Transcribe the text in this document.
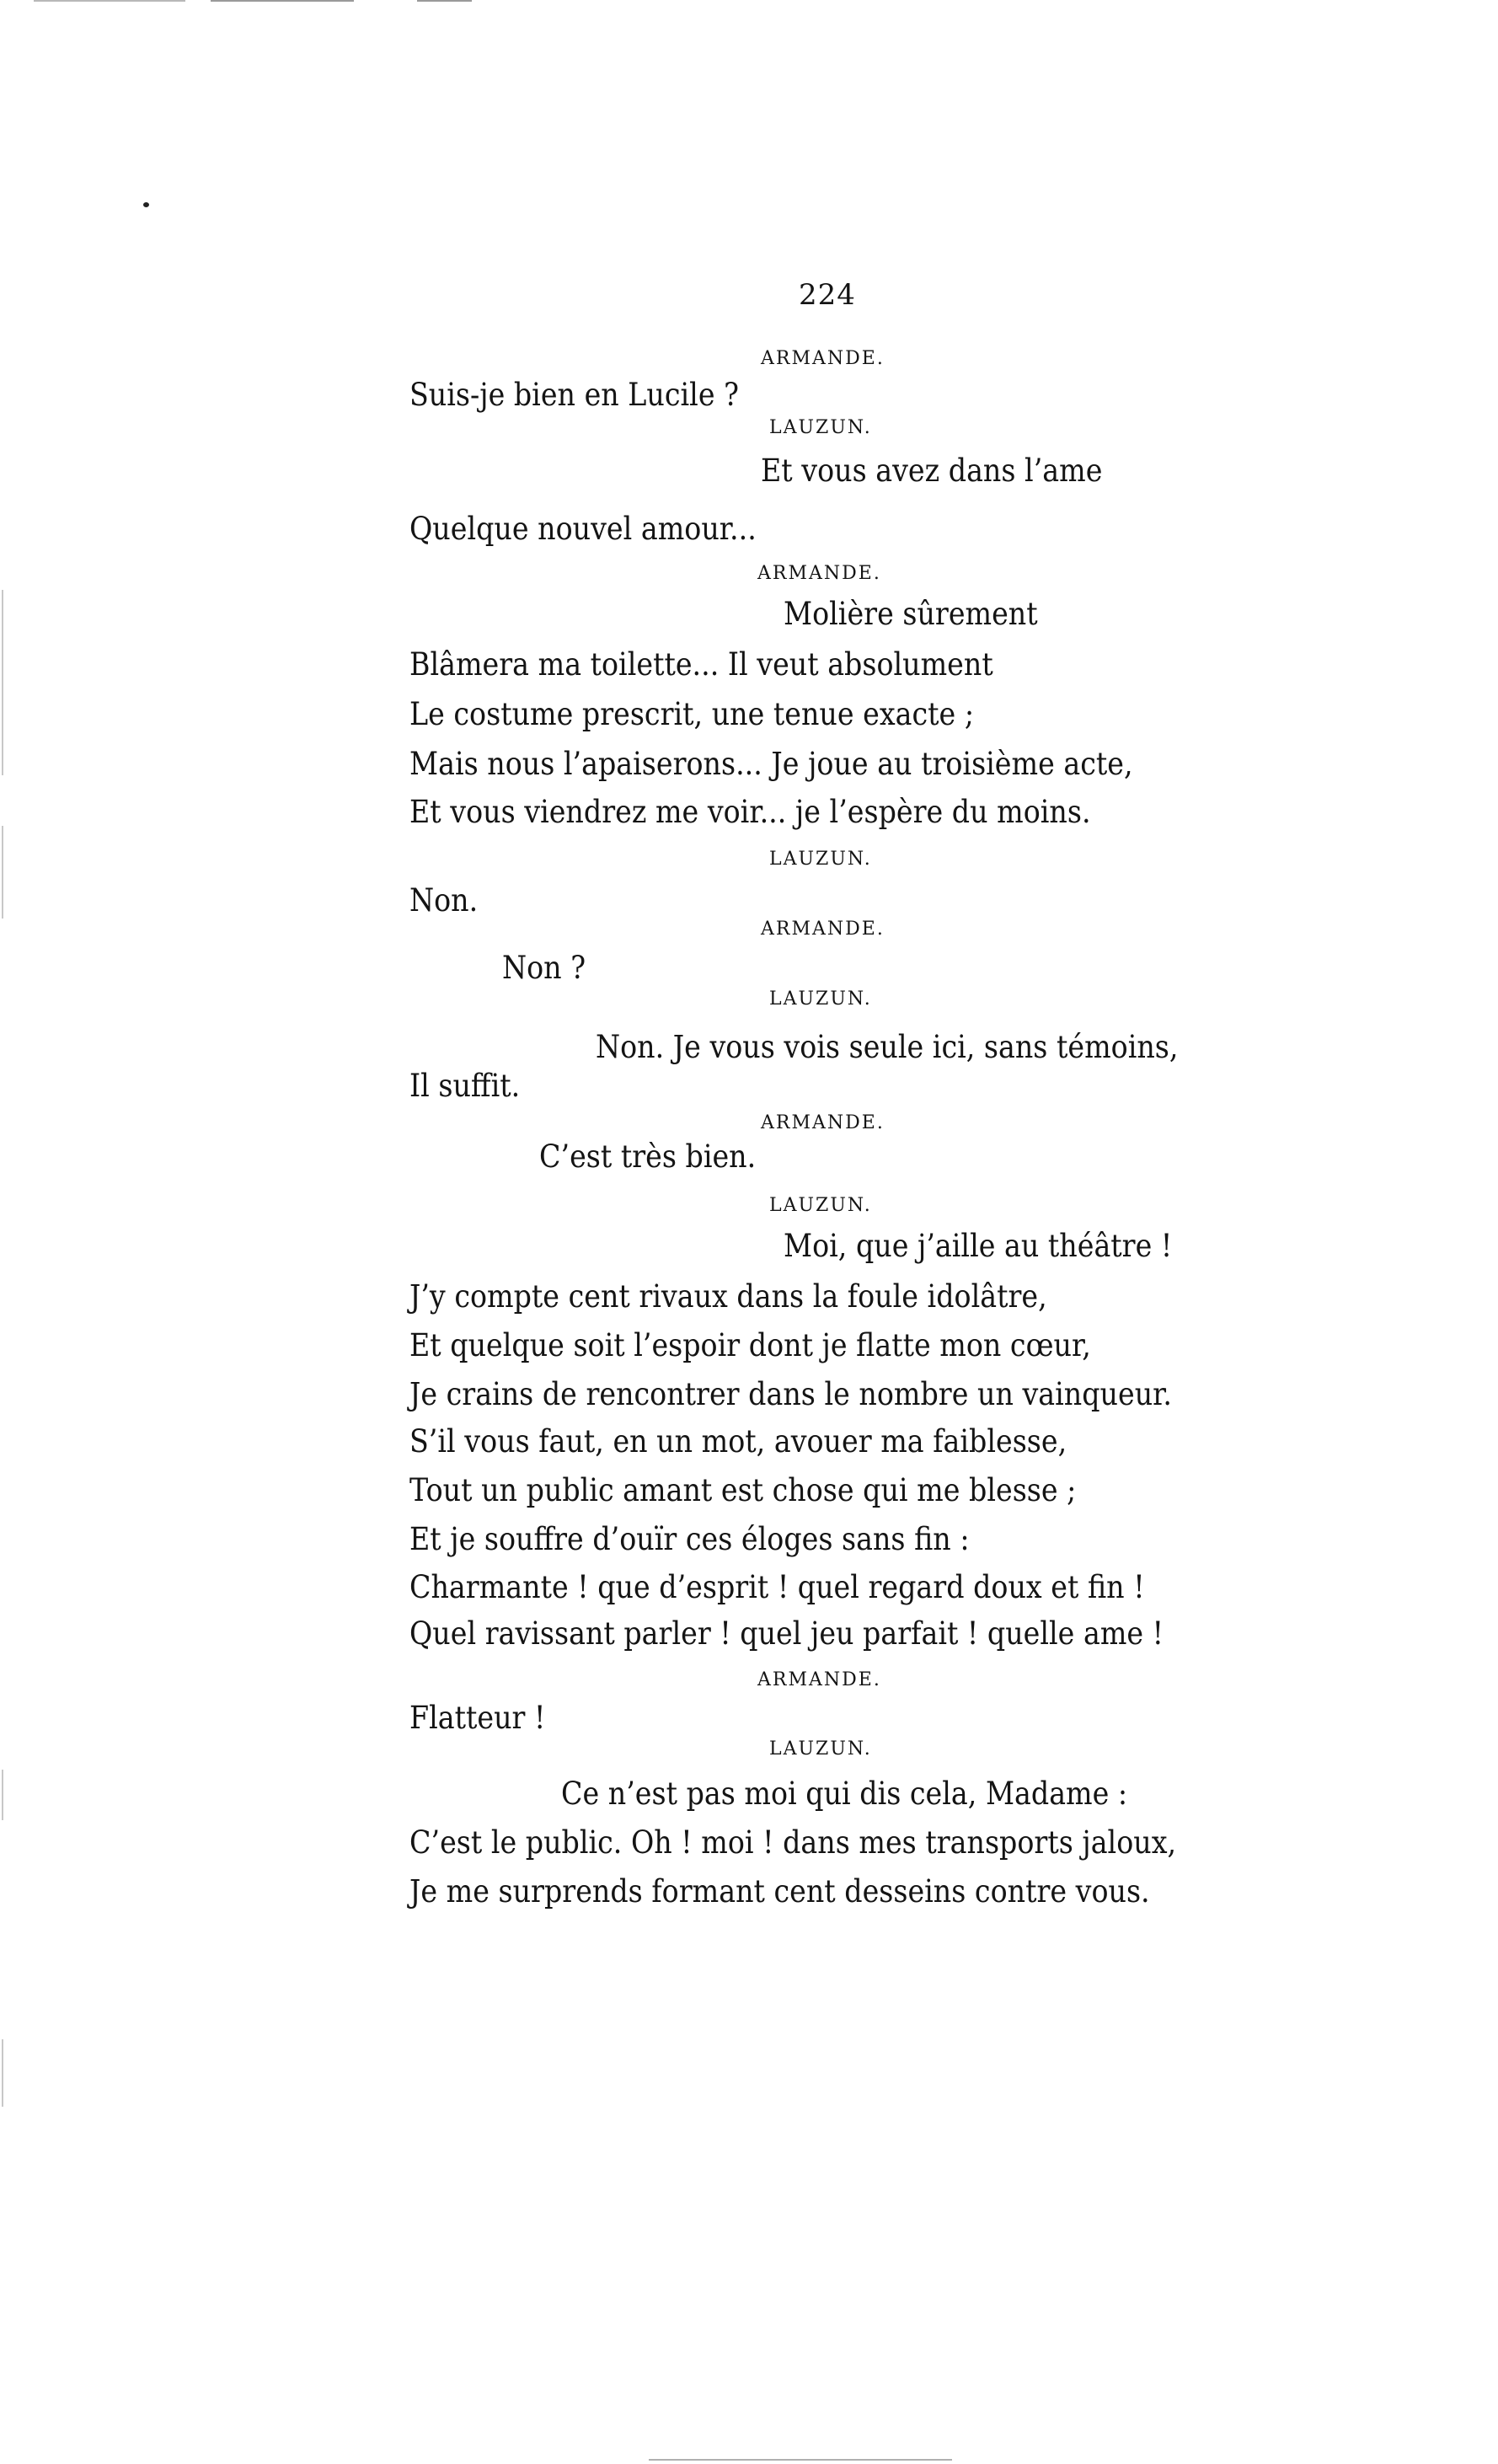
224
ARMANDE.
Suis-je bien en Lucile ?
LAUZUN.
Et vous avez dans l’ame
Quelque nouvel amour...
ARMANDE.
Molière sûrement
Blâmera ma toilette... Il veut absolument
Le costume prescrit, une tenue exacte ;
Mais nous l’apaiserons... Je joue au troisième acte,
Et vous viendrez me voir... je l’espère du moins.
LAUZUN.
Non.
ARMANDE.
Non ?
LAUZUN.
Non. Je vous vois seule ici, sans témoins,
Il suffit.
ARMANDE.
C’est très bien.
LAUZUN.
Moi, que j’aille au théâtre !
J’y compte cent rivaux dans la foule idolâtre,
Et quelque soit l’espoir dont je flatte mon cœur,
Je crains de rencontrer dans le nombre un vainqueur.
S’il vous faut, en un mot, avouer ma faiblesse,
Tout un public amant est chose qui me blesse ;
Et je souffre d’ouïr ces éloges sans fin :
Charmante ! que d’esprit ! quel regard doux et fin !
Quel ravissant parler ! quel jeu parfait ! quelle ame !
ARMANDE.
Flatteur !
LAUZUN.
Ce n’est pas moi qui dis cela, Madame :
C’est le public. Oh ! moi ! dans mes transports jaloux,
Je me surprends formant cent desseins contre vous.
